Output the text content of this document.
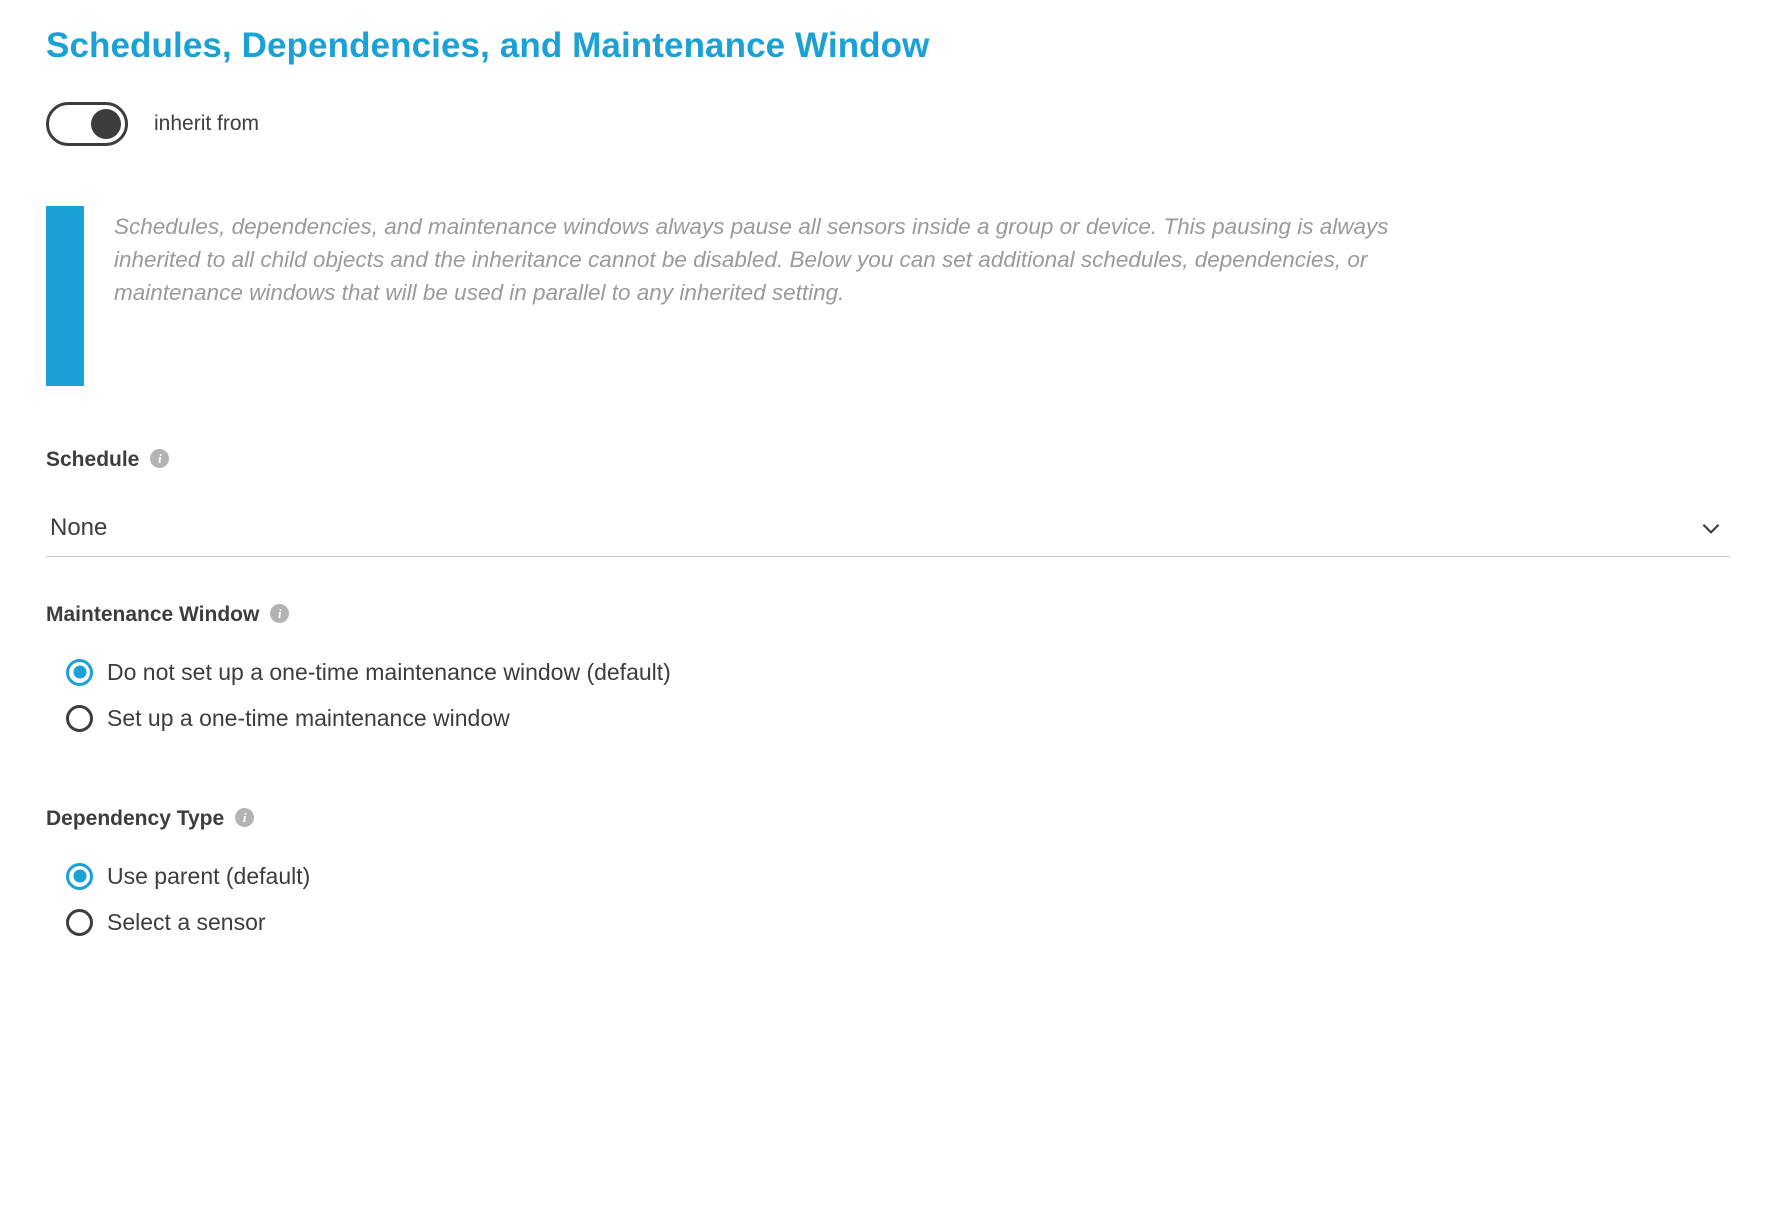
Schedules, Dependencies, and Maintenance Window
inherit from
Schedules, dependencies, and maintenance windows always pause all sensors inside a group or device. This pausing is always inherited to all child objects and the inheritance cannot be disabled. Below you can set additional schedules, dependencies, or maintenance windows that will be used in parallel to any inherited setting.
Schedule	i
None
Maintenance Window	i
Do not set up a one-time maintenance window (default)
Set up a one-time maintenance window
Dependency Type	i
Use parent (default)
Select a sensor
